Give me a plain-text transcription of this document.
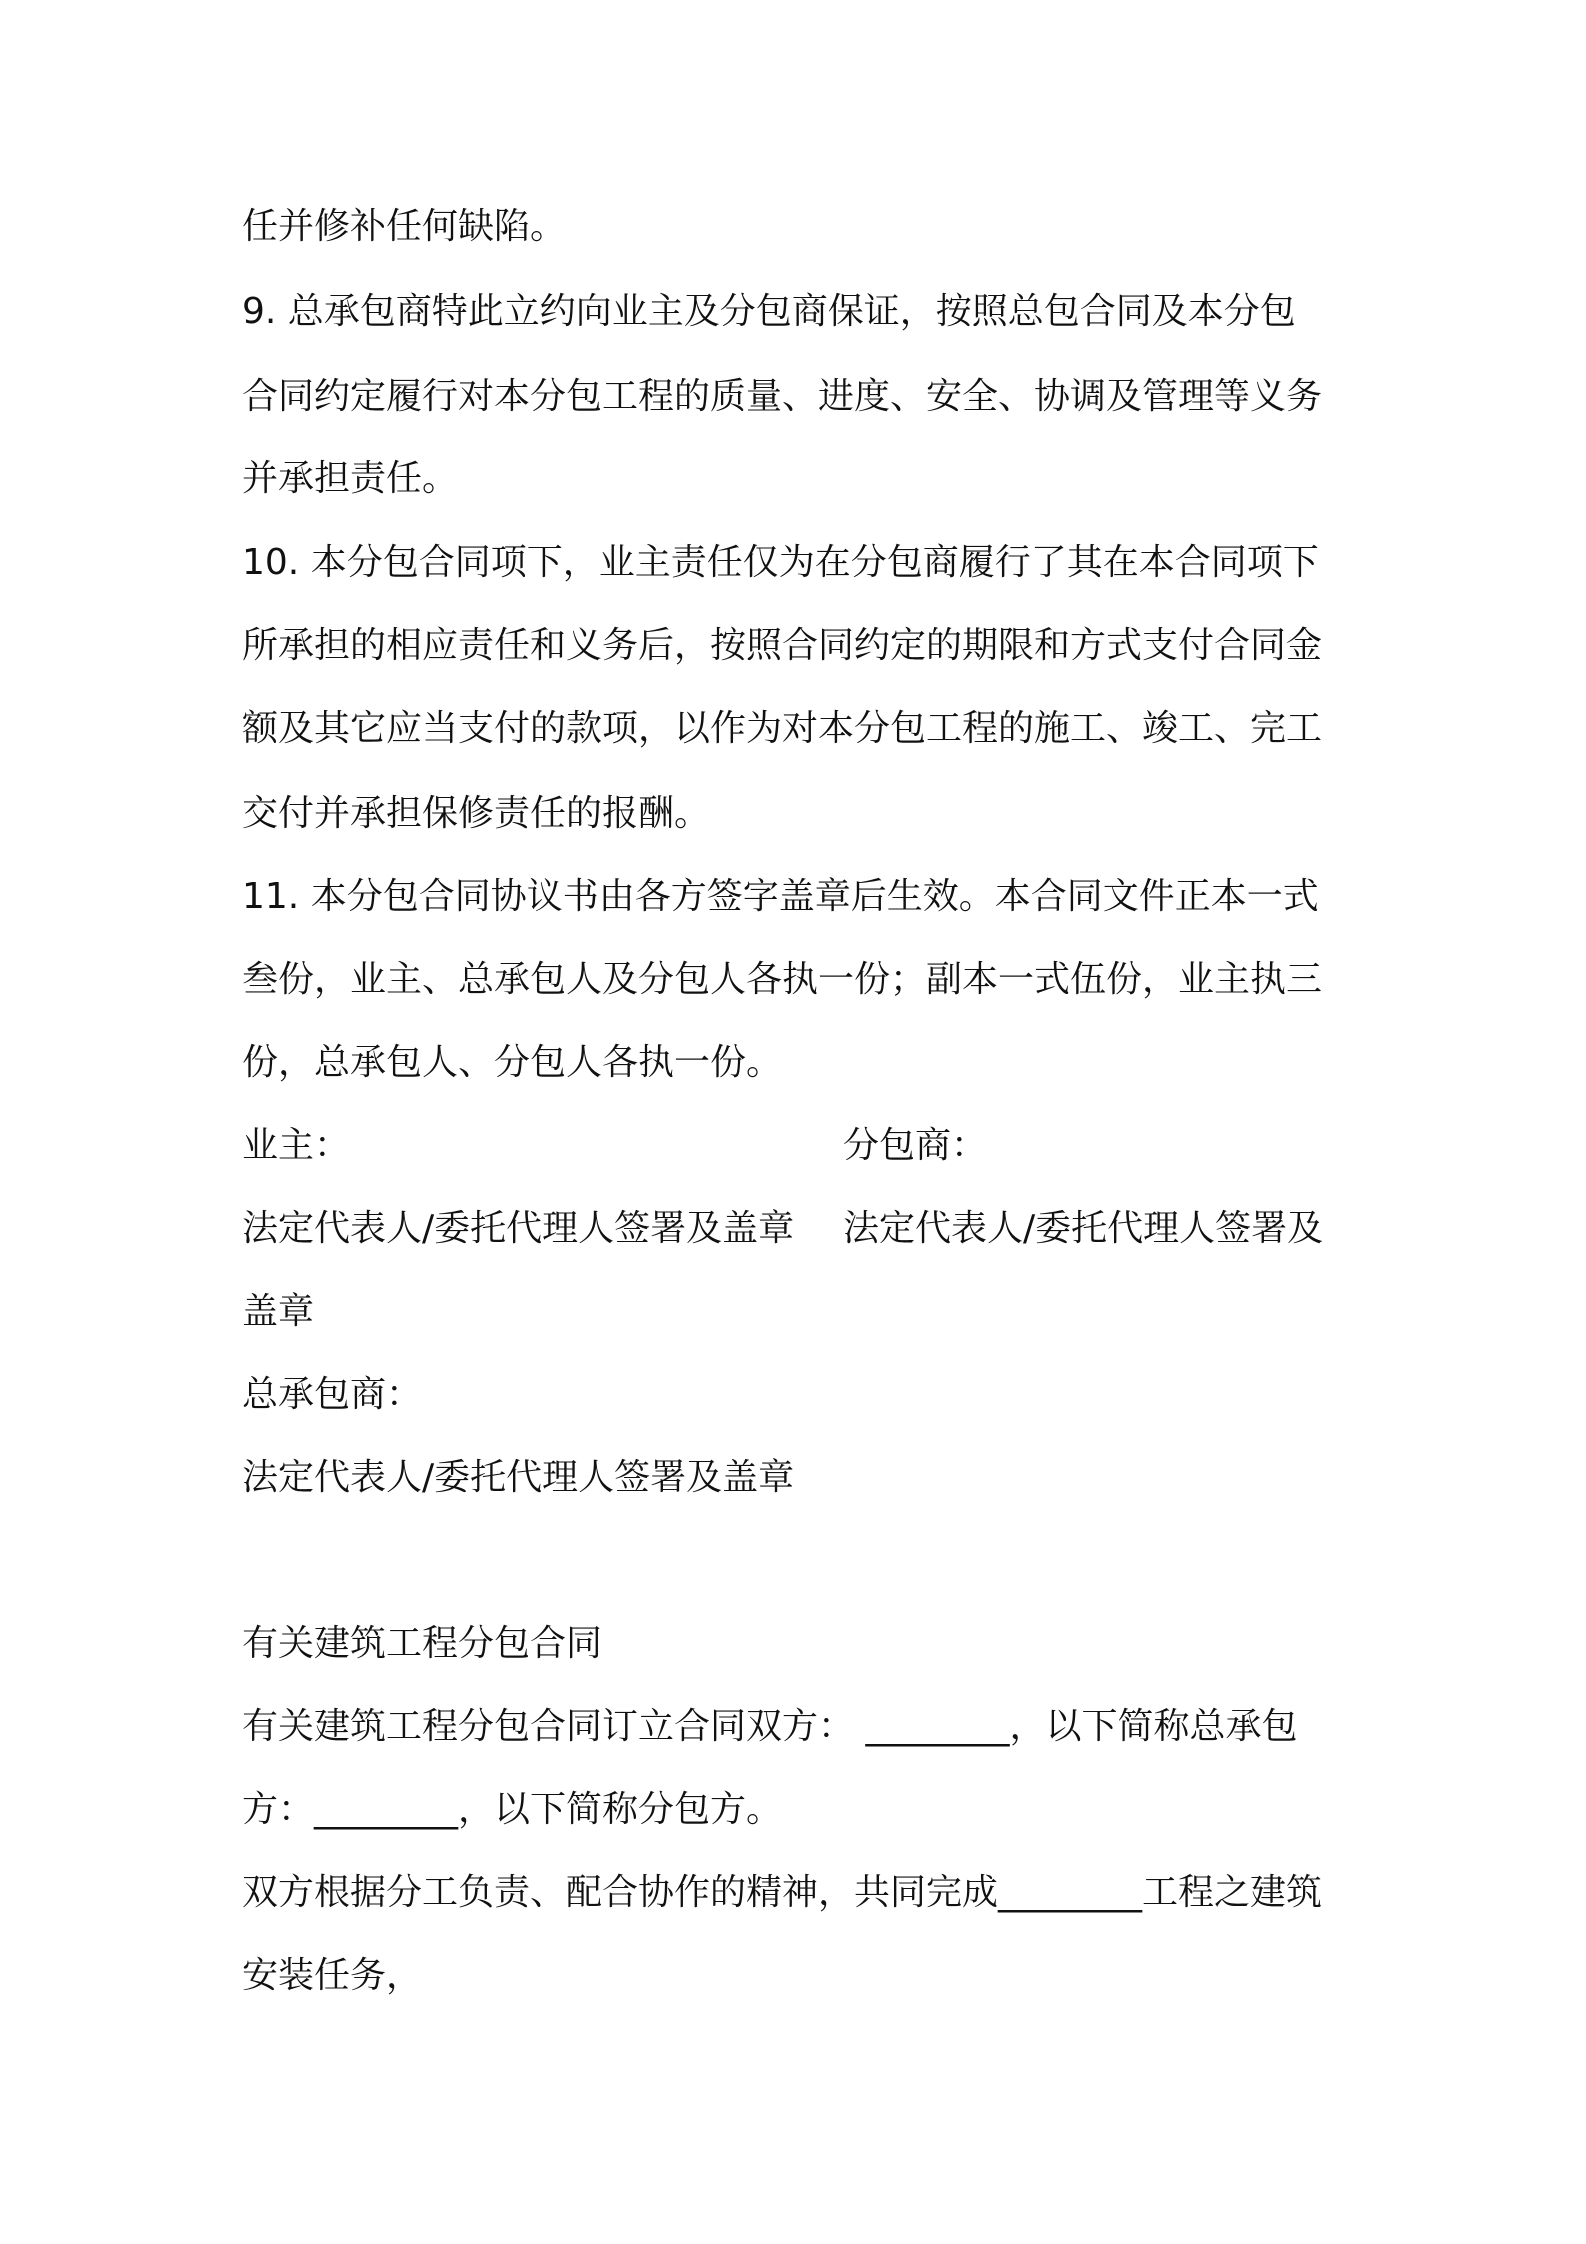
任并修补任何缺陷。
9. 总承包商特此立约向业主及分包商保证，按照总包合同及本分包
合同约定履行对本分包工程的质量、进度、安全、协调及管理等义务
并承担责任。
10. 本分包合同项下，业主责任仅为在分包商履行了其在本合同项下
所承担的相应责任和义务后，按照合同约定的期限和方式支付合同金
额及其它应当支付的款项，以作为对本分包工程的施工、竣工、完工
交付并承担保修责任的报酬。
11. 本分包合同协议书由各方签字盖章后生效。本合同文件正本一式
叁份，业主、总承包人及分包人各执一份；副本一式伍份，业主执三
份，总承包人、分包人各执一份。
业主：	分包商：
法定代表人/委托代理人签署及盖章	法定代表人/委托代理人签署及
盖章
总承包商：
法定代表人/委托代理人签署及盖章
有关建筑工程分包合同
有关建筑工程分包合同订立合同双方： ________，以下简称总承包
方：________，以下简称分包方。
双方根据分工负责、配合协作的精神，共同完成________工程之建筑
安装任务，
